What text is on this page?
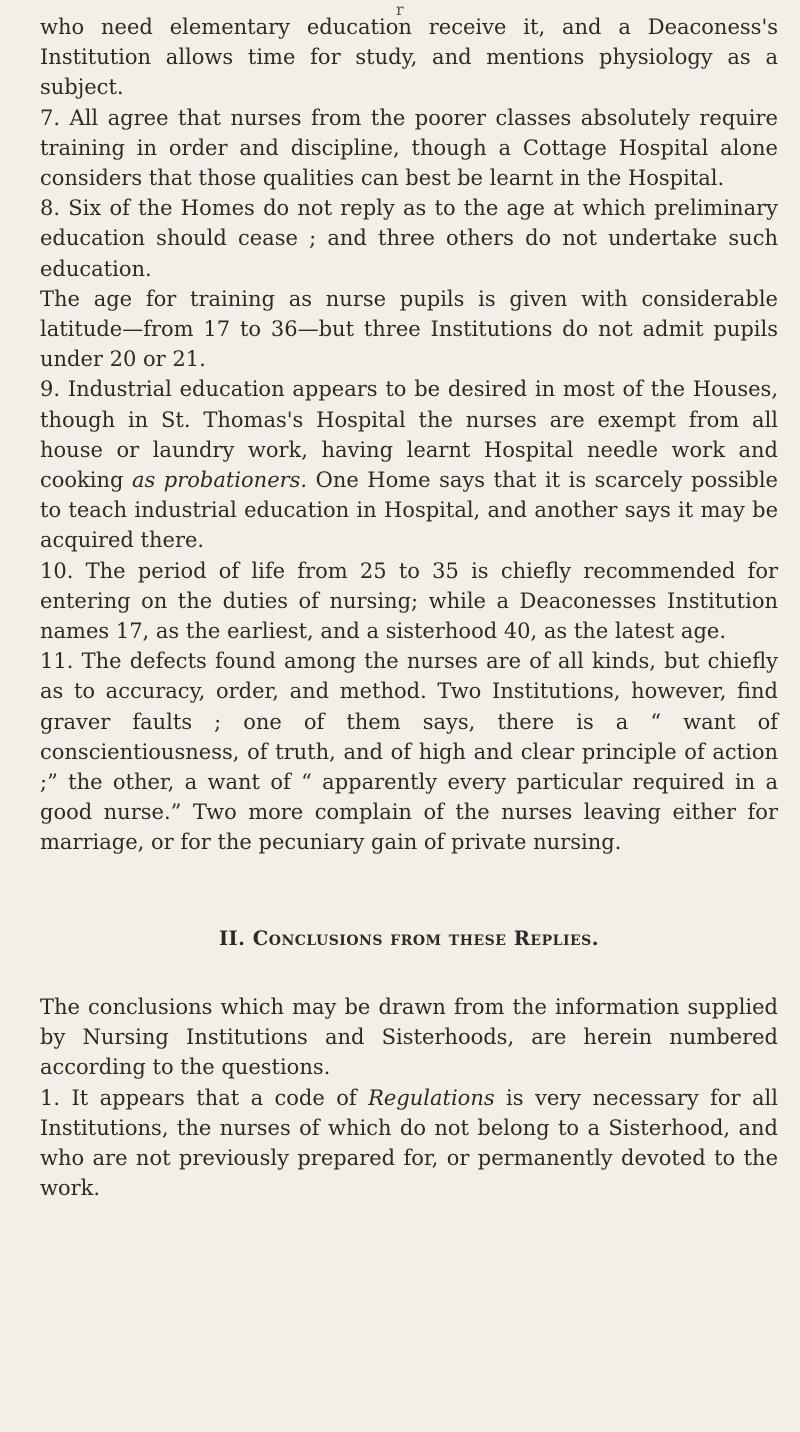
r

who need elementary education receive it, and a Deaconess's Institution allows time for study, and mentions physiology as a subject.

7. All agree that nurses from the poorer classes absolutely require training in order and discipline, though a Cottage Hospital alone considers that those qualities can best be learnt in the Hospital.

8. Six of the Homes do not reply as to the age at which preliminary education should cease ; and three others do not undertake such education.

The age for training as nurse pupils is given with considerable latitude—from 17 to 36—but three Institutions do not admit pupils under 20 or 21.

9. Industrial education appears to be desired in most of the Houses, though in St. Thomas's Hospital the nurses are exempt from all house or laundry work, having learnt Hospital needle work and cooking as probationers. One Home says that it is scarcely possible to teach industrial education in Hospital, and another says it may be acquired there.

10. The period of life from 25 to 35 is chiefly recommended for entering on the duties of nursing; while a Deaconesses Institution names 17, as the earliest, and a sisterhood 40, as the latest age.

11. The defects found among the nurses are of all kinds, but chiefly as to accuracy, order, and method. Two Institutions, however, find graver faults ; one of them says, there is a “ want of conscientiousness, of truth, and of high and clear principle of action ;” the other, a want of “ apparently every particular required in a good nurse.” Two more complain of the nurses leaving either for marriage, or for the pecuniary gain of private nursing.

II. Conclusions from these Replies.

The conclusions which may be drawn from the information supplied by Nursing Institutions and Sisterhoods, are herein numbered according to the questions.

1. It appears that a code of Regulations is very necessary for all Institutions, the nurses of which do not belong to a Sisterhood, and who are not previously prepared for, or permanently devoted to the work.
